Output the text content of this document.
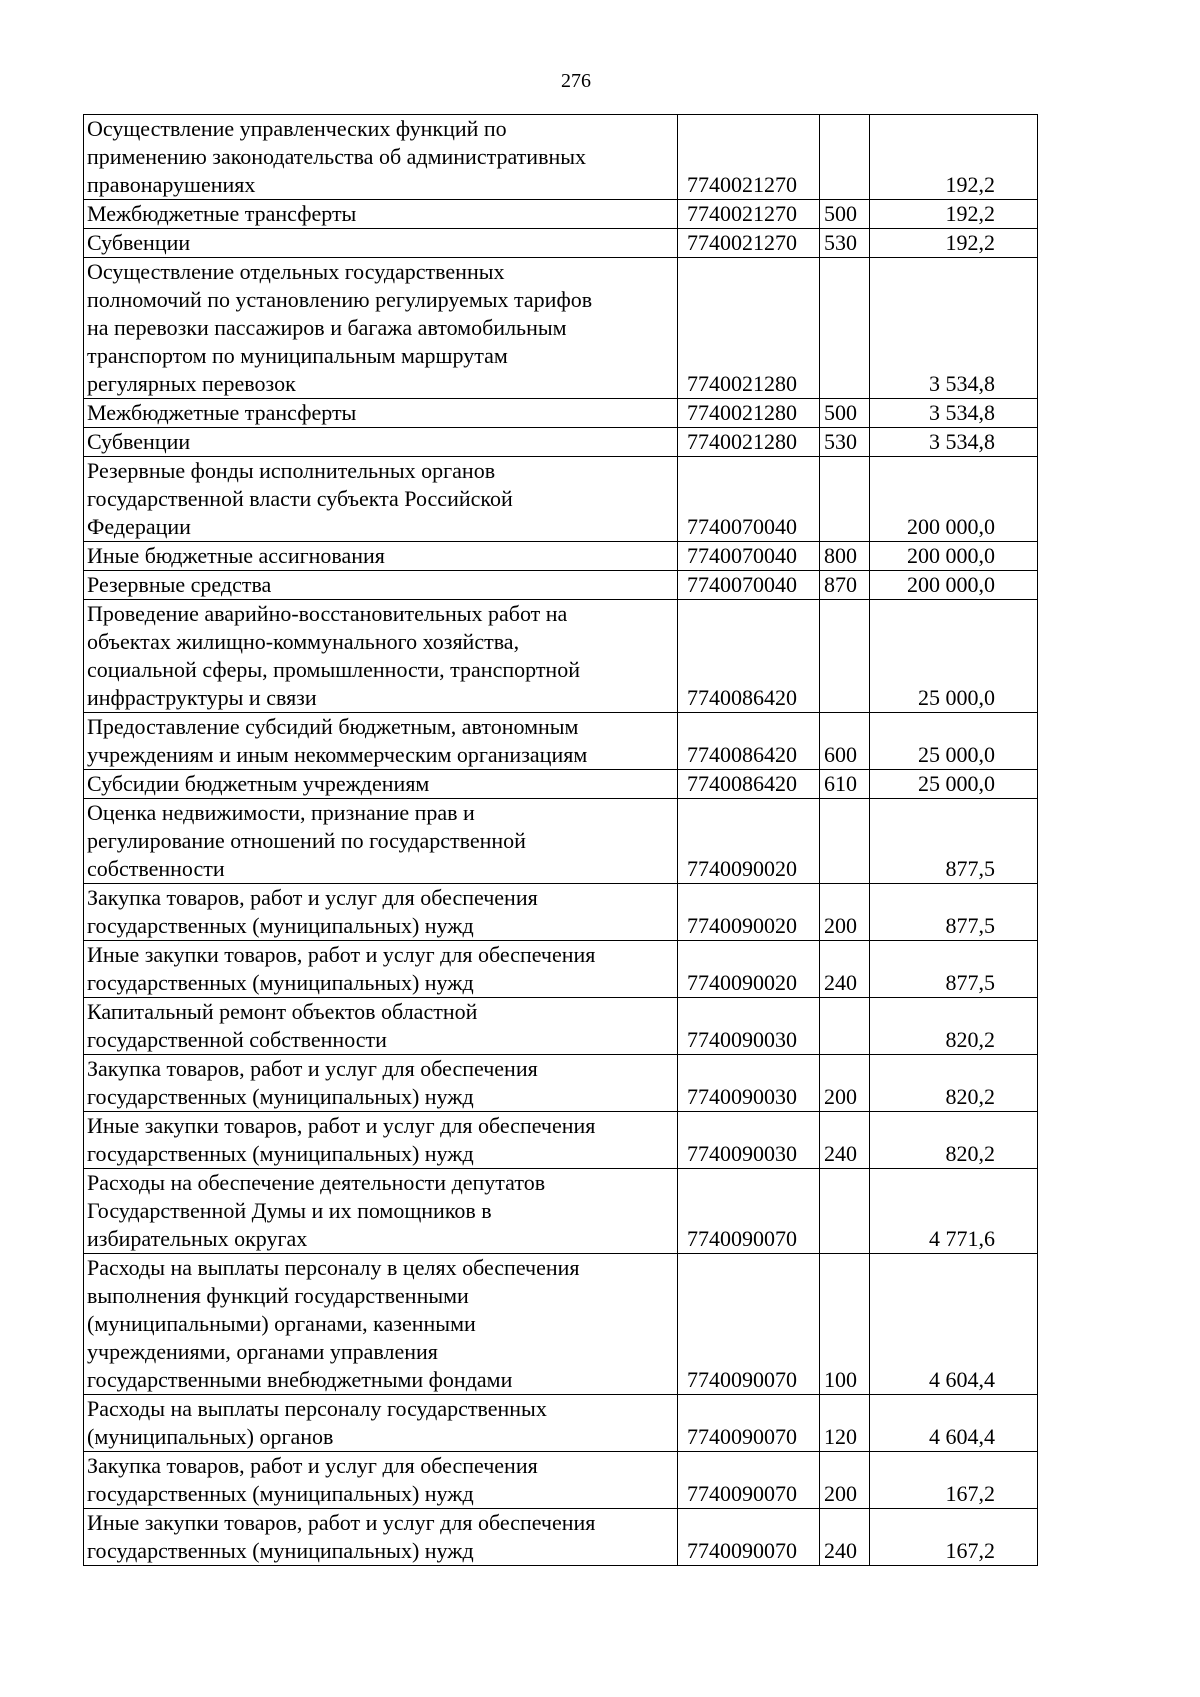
276
Осуществление управленческих функций по
применению законодательства об административных
правонарушениях	7740021270		192,2

Межбюджетные трансферты	7740021270	500	192,2

Субвенции	7740021270	530	192,2

Осуществление отдельных государственных
полномочий по установлению регулируемых тарифов
на перевозки пассажиров и багажа автомобильным
транспортом по муниципальным маршрутам
регулярных перевозок	7740021280		3 534,8

Межбюджетные трансферты	7740021280	500	3 534,8

Субвенции	7740021280	530	3 534,8

Резервные фонды исполнительных органов
государственной власти субъекта Российской
Федерации	7740070040		200 000,0

Иные бюджетные ассигнования	7740070040	800	200 000,0

Резервные средства	7740070040	870	200 000,0

Проведение аварийно-восстановительных работ на
объектах жилищно-коммунального хозяйства,
социальной сферы, промышленности, транспортной
инфраструктуры и связи	7740086420		25 000,0

Предоставление субсидий бюджетным, автономным
учреждениям и иным некоммерческим организациям	7740086420	600	25 000,0

Субсидии бюджетным учреждениям	7740086420	610	25 000,0

Оценка недвижимости, признание прав и
регулирование отношений по государственной
собственности	7740090020		877,5

Закупка товаров, работ и услуг для обеспечения
государственных (муниципальных) нужд	7740090020	200	877,5

Иные закупки товаров, работ и услуг для обеспечения
государственных (муниципальных) нужд	7740090020	240	877,5

Капитальный ремонт объектов областной
государственной собственности	7740090030		820,2

Закупка товаров, работ и услуг для обеспечения
государственных (муниципальных) нужд	7740090030	200	820,2

Иные закупки товаров, работ и услуг для обеспечения
государственных (муниципальных) нужд	7740090030	240	820,2

Расходы на обеспечение деятельности депутатов
Государственной Думы и их помощников в
избирательных округах	7740090070		4 771,6

Расходы на выплаты персоналу в целях обеспечения
выполнения функций государственными
(муниципальными) органами, казенными
учреждениями, органами управления
государственными внебюджетными фондами	7740090070	100	4 604,4

Расходы на выплаты персоналу государственных
(муниципальных) органов	7740090070	120	4 604,4

Закупка товаров, работ и услуг для обеспечения
государственных (муниципальных) нужд	7740090070	200	167,2

Иные закупки товаров, работ и услуг для обеспечения
государственных (муниципальных) нужд	7740090070	240	167,2
